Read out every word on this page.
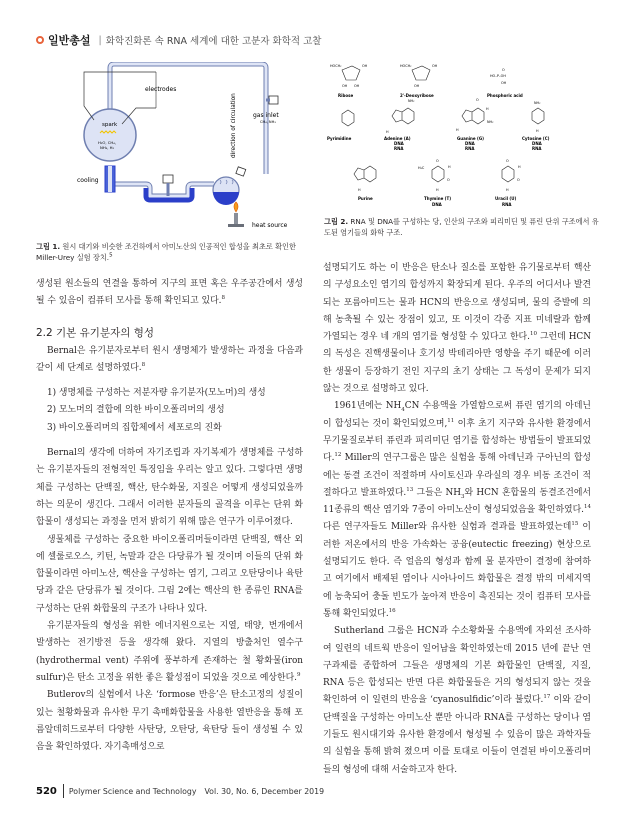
일반총설 | 화학진화론 속 RNA 세계에 대한 고분자 화학적 고찰
spark
H₂O, CH₄,
NH₃, H₂
electrodes
cooling
direction of circulation	gas inlet
CH₄, NH₃
heat source
그림 1. 원시 대기와 비슷한 조건하에서 아미노산의 인공적인 합성을 최초로 확인한 Miller-Urey 실험 장치.$^5$
HOCH₂	OH
OH OH
Ribose
HOCH₂	OH
OH
2'-Deoxyribose
O
HO–P–OH
OH
Phosphoric acid
Pyrimidine
NH₂
H
Adenine (A)
DNA
RNA
O
H
NH₂
H
Guanine (G)
DNA
RNA
NH₂
H
Cytosine (C)
DNA
RNA
H
Purine
H₃C
O
H
O
H
Thymine (T)
DNA
O
H
O
H
Uracil (U)
RNA
그림 2. RNA 및 DNA를 구성하는 당, 인산의 구조와 피리미딘 및 퓨린 단위 구조에서 유도된 염기들의 화학 구조.

생성된 원소들의 연결을 통하여 지구의 표면 혹은 우주공간에서 생성될 수 있음이 컴퓨터 모사를 통해 확인되고 있다.$^8$

2.2 기본 유기분자의 형성

Bernal은 유기분자로부터 원시 생명체가 발생하는 과정을 다음과 같이 세 단계로 설명하였다.$^8$

1) 생명체를 구성하는 저분자량 유기분자(모노머)의 생성
2) 모노머의 결합에 의한 바이오폴리머의 생성
3) 바이오폴리머의 집합체에서 세포로의 진화

Bernal의 생각에 더하여 자기조립과 자기복제가 생명체를 구성하는 유기분자들의 전형적인 특징임을 우리는 알고 있다. 그렇다면 생명체를 구성하는 단백질, 핵산, 탄수화물, 지질은 어떻게 생성되었을까 하는 의문이 생긴다. 그래서 이러한 분자들의 골격을 이루는 단위 화합물이 생성되는 과정을 먼저 밝히기 위해 많은 연구가 이루어졌다.

생물체를 구성하는 중요한 바이오폴리머들이라면 단백질, 핵산 외에 셀룰로오스, 키틴, 녹말과 같은 다당류가 될 것이며 이들의 단위 화합물이라면 아미노산, 핵산을 구성하는 염기, 그리고 오탄당이나 육탄당과 같은 단당류가 될 것이다. 그림 2에는 핵산의 한 종류인 RNA를 구성하는 단위 화합물의 구조가 나타나 있다.

유기분자들의 형성을 위한 에너지원으로는 지열, 태양, 번개에서 발생하는 전기방전 등을 생각해 왔다. 지열의 방출처인 열수구(hydrothermal vent) 주위에 풍부하게 존재하는 철 황화물(iron sulfur)은 탄소 고정을 위한 좋은 활성점이 되었을 것으로 예상한다.$^9$

Butlerov의 실험에서 나온 ‘formose 반응’은 탄소고정의 성질이 있는 철황화물과 유사한 무기 촉매화합물을 사용한 열반응을 통해 포름알데히드로부터 다양한 사탄당, 오탄당, 육탄당 들이 생성될 수 있음을 확인하였다. 자기촉매성으로

설명되기도 하는 이 반응은 탄소나 질소를 포함한 유기물로부터 핵산의 구성요소인 염기의 합성까지 확장되게 된다. 우주의 어디서나 발견되는 포름아미드는 물과 HCN의 반응으로 생성되며, 물의 증발에 의해 농축될 수 있는 장점이 있고, 또 이것이 각종 지표 미네랄과 함께 가열되는 경우 네 개의 염기를 형성할 수 있다고 한다.$^{10}$ 그런데 HCN의 독성은 진핵생물이나 호기성 박테리아만 영향을 주기 때문에 이러한 생물이 등장하기 전인 지구의 초기 상태는 그 독성이 문제가 되지 않는 것으로 설명하고 있다.

1961년에는 $NH_4CN$ 수용액을 가열함으로써 퓨린 염기의 아데닌이 합성되는 것이 확인되었으며,$^{11}$ 이후 초기 지구와 유사한 환경에서 무기물질로부터 퓨린과 피리미딘 염기를 합성하는 방법들이 발표되었다.$^{12}$ Miller의 연구그룹은 많은 실험을 통해 아데닌과 구아닌의 합성에는 동결 조건이 적절하며 사이토신과 우라실의 경우 비동 조건이 적절하다고 발표하였다.$^{13}$ 그들은 $NH_3$와 HCN 혼합물의 동결조건에서 11종류의 핵산 염기와 7종이 아미노산이 형성되었음을 확인하였다.$^{14}$ 다른 연구자들도 Miller와 유사한 실험과 결과를 발표하였는데$^{15}$ 이러한 저온에서의 반응 가속화는 공융(eutectic freezing) 현상으로 설명되기도 한다. 즉 얼음의 형성과 함께 물 분자만이 결정에 참여하고 여기에서 배제된 염이나 시아나이드 화합물은 결정 밖의 미세지역에 농축되어 충돌 빈도가 높아져 반응이 촉진되는 것이 컴퓨터 모사를 통해 확인되었다.$^{16}$

Sutherland 그룹은 HCN과 수소황화물 수용액에 자외선 조사하여 일련의 네트웍 반응이 일어남을 확인하였는데 2015 년에 끝난 연구과제를 종합하여 그들은 생명체의 기본 화합물인 단백질, 지질, RNA 등은 합성되는 반면 다른 화합물들은 거의 형성되지 않는 것을 확인하여 이 일련의 반응을 ‘cyanosulfidic’이라 불렀다.$^{17}$ 이와 같이 단백질을 구성하는 아미노산 뿐만 아니라 RNA를 구성하는 당이나 염기들도 원시대기와 유사한 환경에서 형성될 수 있음이 많은 과학자들의 실험을 통해 밝혀 졌으며 이를 토대로 이들이 연결된 바이오폴리머들의 형성에 대해 서술하고자 한다.

520 Polymer Science and Technology Vol. 30, No. 6, December 2019
